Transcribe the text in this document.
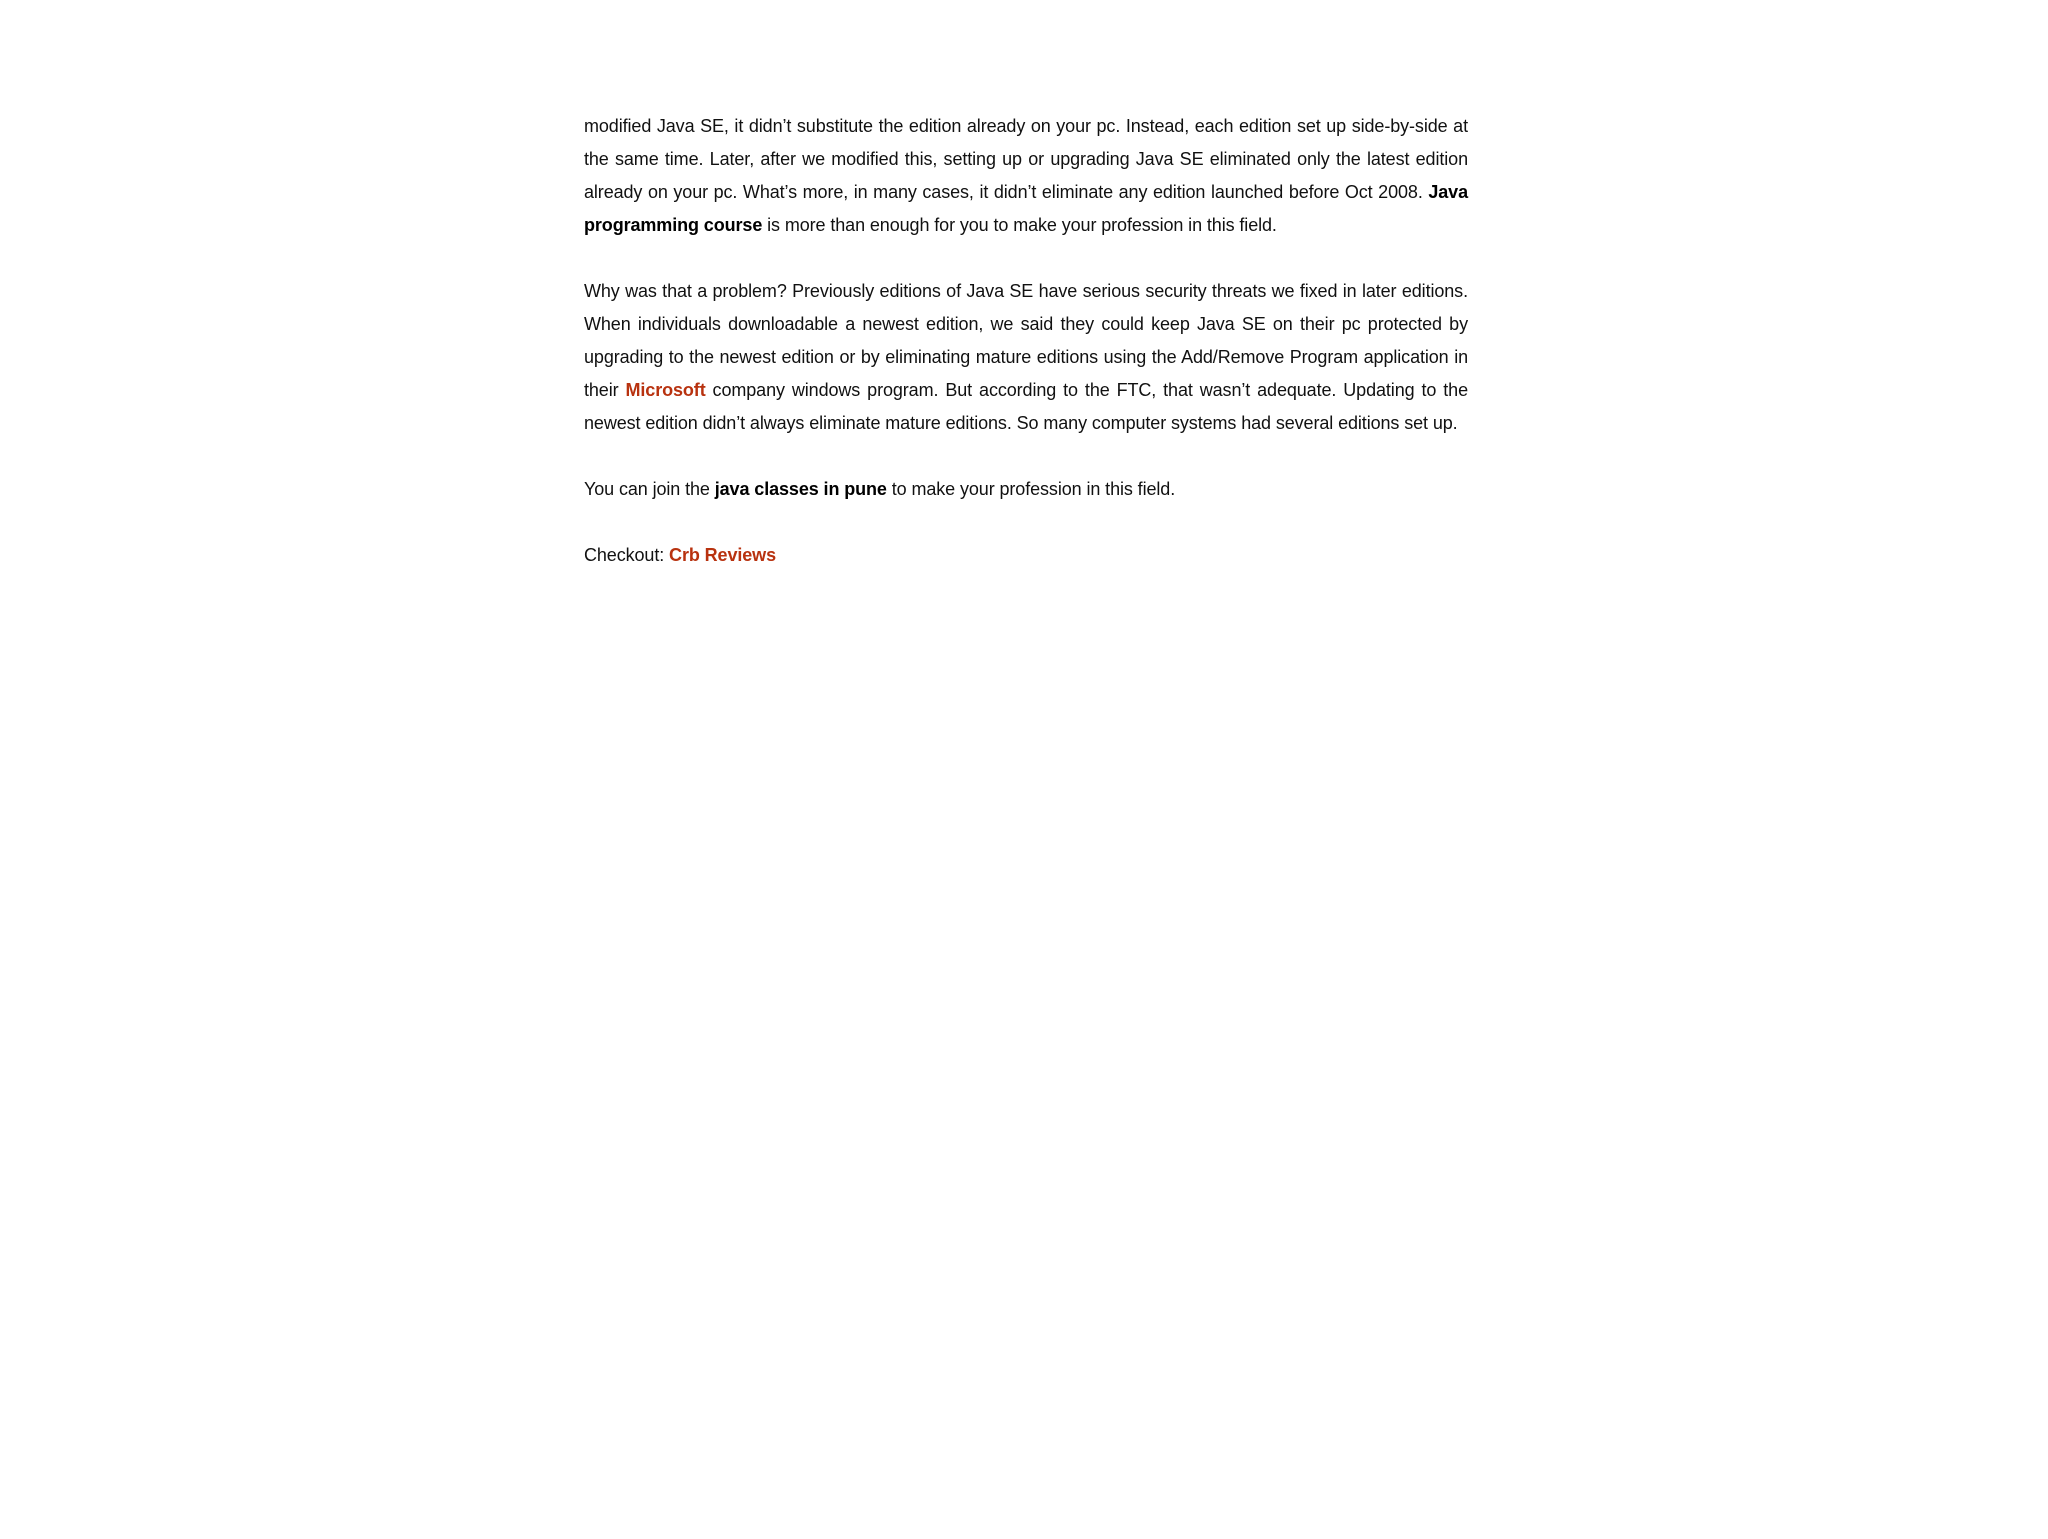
modified Java SE, it didn’t substitute the edition already on your pc. Instead, each edition set up side-by-side at the same time. Later, after we modified this, setting up or upgrading Java SE eliminated only the latest edition already on your pc. What’s more, in many cases, it didn’t eliminate any edition launched before Oct 2008. Java programming course is more than enough for you to make your profession in this field.

Why was that a problem? Previously editions of Java SE have serious security threats we fixed in later editions. When individuals downloadable a newest edition, we said they could keep Java SE on their pc protected by upgrading to the newest edition or by eliminating mature editions using the Add/Remove Program application in their Microsoft company windows program. But according to the FTC, that wasn’t adequate. Updating to the newest edition didn’t always eliminate mature editions. So many computer systems had several editions set up.

You can join the java classes in pune to make your profession in this field.

Checkout: Crb Reviews
